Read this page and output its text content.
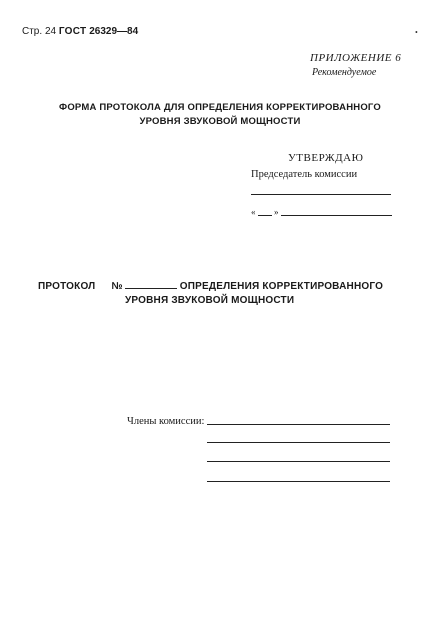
Стр. 24 ГОСТ 26329—84	•
ПРИЛОЖЕНИЕ 6
Рекомендуемое
ФОРМА ПРОТОКОЛА ДЛЯ ОПРЕДЕЛЕНИЯ КОРРЕКТИРОВАННОГО
УРОВНЯ ЗВУКОВОЙ МОЩНОСТИ
УТВЕРЖДАЮ
Председатель комиссии
« »
ПРОТОКОЛ №	ОПРЕДЕЛЕНИЯ КОРРЕКТИРОВАННОГО
УРОВНЯ ЗВУКОВОЙ МОЩНОСТИ
Члены комиссии:
